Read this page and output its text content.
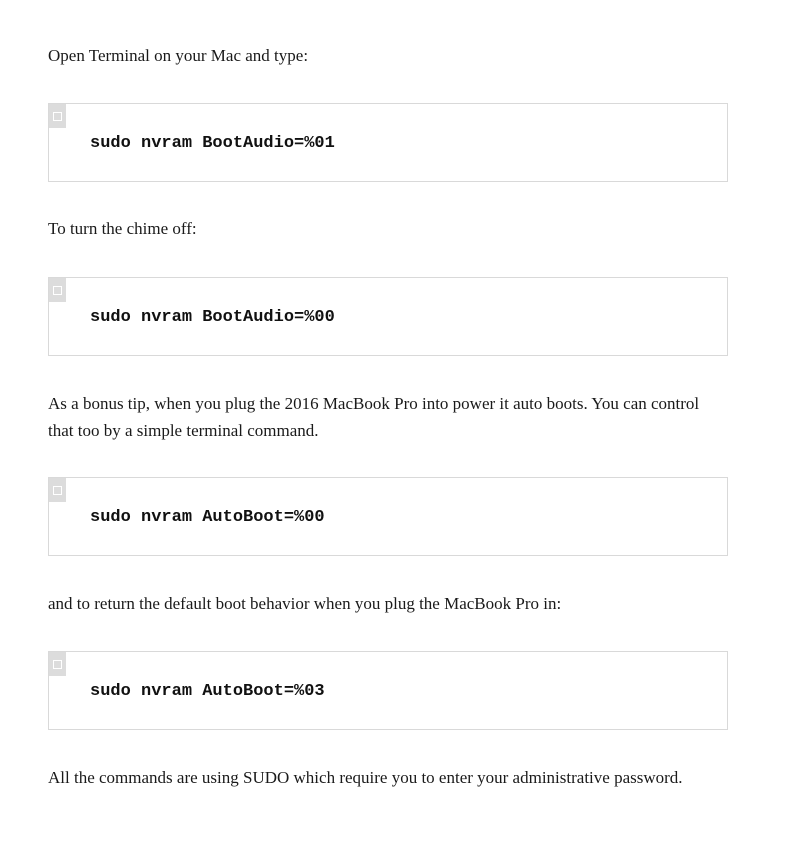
Open Terminal on your Mac and type:

sudo nvram BootAudio=%01

To turn the chime off:

sudo nvram BootAudio=%00

As a bonus tip, when you plug the 2016 MacBook Pro into power it auto boots. You can control that too by a simple terminal command.

sudo nvram AutoBoot=%00

and to return the default boot behavior when you plug the MacBook Pro in:

sudo nvram AutoBoot=%03

All the commands are using SUDO which require you to enter your administrative password.
